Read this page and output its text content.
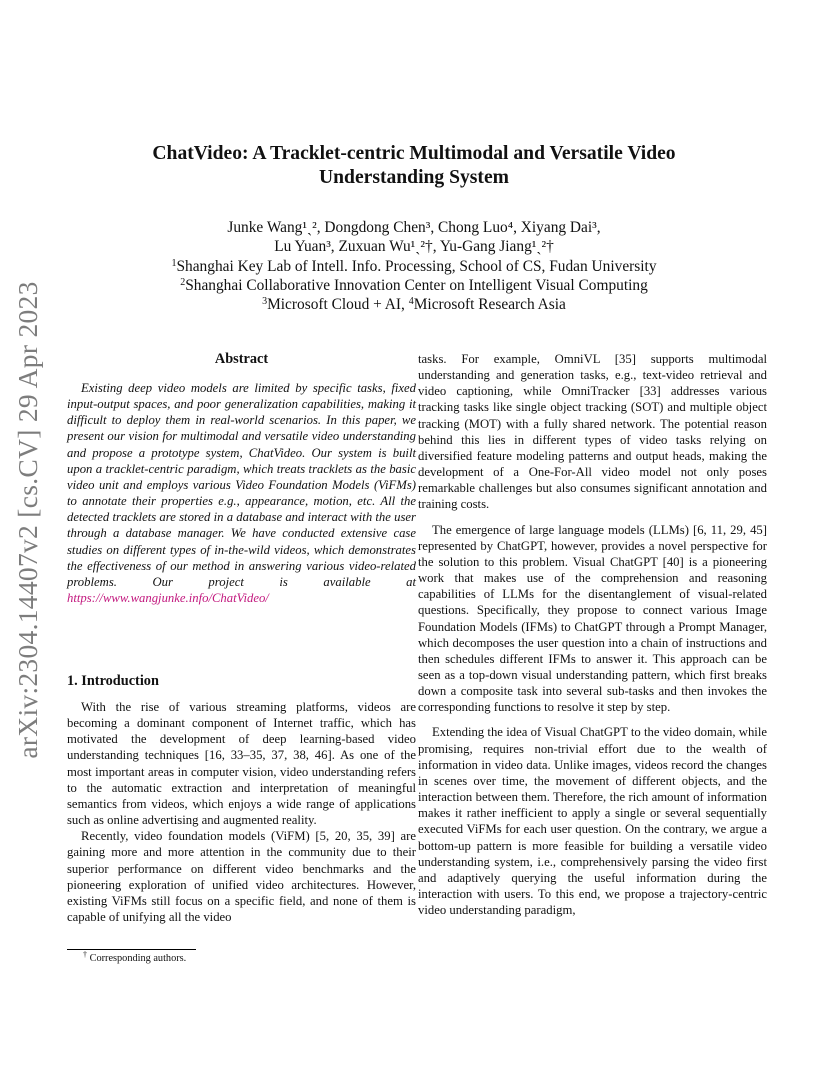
arXiv:2304.14407v2 [cs.CV] 29 Apr 2023
ChatVideo: A Tracklet-centric Multimodal and Versatile Video
Understanding System
Junke Wang¹ˎ², Dongdong Chen³, Chong Luo⁴, Xiyang Dai³,
Lu Yuan³, Zuxuan Wu¹ˎ²†, Yu-Gang Jiang¹ˎ²†
$^1$Shanghai Key Lab of Intell. Info. Processing, School of CS, Fudan University
$^2$Shanghai Collaborative Innovation Center on Intelligent Visual Computing
$^3$Microsoft Cloud + AI, $^4$Microsoft Research Asia
Abstract

Existing deep video models are limited by specific tasks, fixed input-output spaces, and poor generalization capabilities, making it difficult to deploy them in real-world scenarios. In this paper, we present our vision for multimodal and versatile video understanding and propose a prototype system, ChatVideo. Our system is built upon a tracklet-centric paradigm, which treats tracklets as the basic video unit and employs various Video Foundation Models (ViFMs) to annotate their properties e.g., appearance, motion, etc. All the detected tracklets are stored in a database and interact with the user through a database manager. We have conducted extensive case studies on different types of in-the-wild videos, which demonstrates the effectiveness of our method in answering various video-related problems. Our project is available at https://www.wangjunke.info/ChatVideo/

1. Introduction

With the rise of various streaming platforms, videos are becoming a dominant component of Internet traffic, which has motivated the development of deep learning-based video understanding techniques [16, 33–35, 37, 38, 46]. As one of the most important areas in computer vision, video understanding refers to the automatic extraction and interpretation of meaningful semantics from videos, which enjoys a wide range of applications such as online advertising and augmented reality.

Recently, video foundation models (ViFM) [5, 20, 35, 39] are gaining more and more attention in the community due to their superior performance on different video benchmarks and the pioneering exploration of unified video architectures. However, existing ViFMs still focus on a specific field, and none of them is capable of unifying all the video

† Corresponding authors.

tasks. For example, OmniVL [35] supports multimodal understanding and generation tasks, e.g., text-video retrieval and video captioning, while OmniTracker [33] addresses various tracking tasks like single object tracking (SOT) and multiple object tracking (MOT) with a fully shared network. The potential reason behind this lies in different types of video tasks relying on diversified feature modeling patterns and output heads, making the development of a One-For-All video model not only poses remarkable challenges but also consumes significant annotation and training costs.

The emergence of large language models (LLMs) [6, 11, 29, 45] represented by ChatGPT, however, provides a novel perspective for the solution to this problem. Visual ChatGPT [40] is a pioneering work that makes use of the comprehension and reasoning capabilities of LLMs for the disentanglement of visual-related questions. Specifically, they propose to connect various Image Foundation Models (IFMs) to ChatGPT through a Prompt Manager, which decomposes the user question into a chain of instructions and then schedules different IFMs to answer it. This approach can be seen as a top-down visual understanding pattern, which first breaks down a composite task into several sub-tasks and then invokes the corresponding functions to resolve it step by step.

Extending the idea of Visual ChatGPT to the video domain, while promising, requires non-trivial effort due to the wealth of information in video data. Unlike images, videos record the changes in scenes over time, the movement of different objects, and the interaction between them. Therefore, the rich amount of information makes it rather inefficient to apply a single or several sequentially executed ViFMs for each user question. On the contrary, we argue a bottom-up pattern is more feasible for building a versatile video understanding system, i.e., comprehensively parsing the video first and adaptively querying the useful information during the interaction with users. To this end, we propose a trajectory-centric video understanding paradigm,
